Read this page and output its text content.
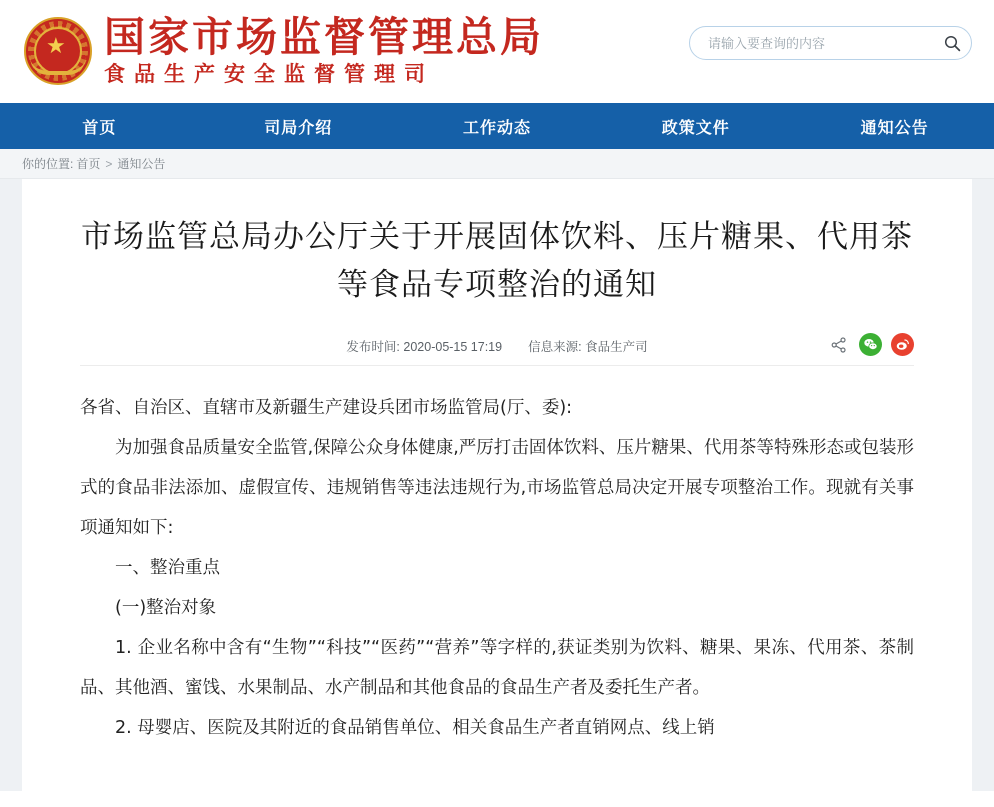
★ 国家市场监督管理总局
食品生产安全监督管理司
请输入要查询的内容
首页	司局介绍	工作动态	政策文件	通知公告
你的位置: 首页 > 通知公告
市场监管总局办公厅关于开展固体饮料、压片糖果、代用茶等食品专项整治的通知
发布时间: 2020-05-15 17:19 信息来源: 食品生产司

各省、自治区、直辖市及新疆生产建设兵团市场监管局(厅、委):

为加强食品质量安全监管,保障公众身体健康,严厉打击固体饮料、压片糖果、代用茶等特殊形态或包装形式的食品非法添加、虚假宣传、违规销售等违法违规行为,市场监管总局决定开展专项整治工作。现就有关事项通知如下:

一、整治重点

(一)整治对象

1. 企业名称中含有“生物”“科技”“医药”“营养”等字样的,获证类别为饮料、糖果、果冻、代用茶、茶制品、其他酒、蜜饯、水果制品、水产制品和其他食品的食品生产者及委托生产者。

2. 母婴店、医院及其附近的食品销售单位、相关食品生产者直销网点、线上销
